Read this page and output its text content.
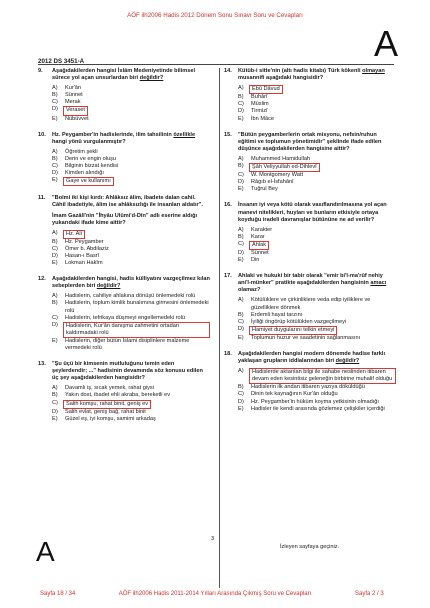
AÖF ilh2006 Hadis 2012 Dönem Sonu Sınavı Soru ve Cevapları
A
2012 DS 3451-A
9.	Aşağıdakilerden hangisi İslâm Medeniyetinde bilimsel sürece yol açan unsurlardan biri değildir?
A)	Kur'ân
B)	Sünnet
C)	Merak
D)	Veraset
E)	Nübüvvet
10.	Hz. Peygamber'in hadislerinde, ilim tahsilinin özellikle hangi yönü vurgulanmıştır?
A)	Öğretim şekli
B)	Derin ve engin oluşu
C)	Bilginin bizzat kendisi
D)	Kimden alındığı
E)	Gaye ve kullanımı
11.	"Bolmi iki kişi kırdı: Ahlâksız âlim, ibadete dalan cahil. Câhil ibadetiyle, âlim ise ahlâksızlığı ile insanları aldatır".
İmam Gazâlî'nin "İhyâu Ulûmi'd-Dîn" adlı eserine aldığı yukarıdaki ifade kime aittir?
A)	Hz. Ali
B)	Hz. Peygamber
C)	Ömer b. Abdilaziz
D)	Hasan-ı Basrî
E)	Lokman Hakîm
12.	Aşağıdakilerden hangisi, hadis külliyatını vazgeçilmez kılan sebeplerden biri değildir?
A)	Hadislerin, cahiliye ahlakına dönüşü önlemedeki rolü
B)	Hadislerin, toplum kimlik bunalımına girmesini önlemedeki rolü
C)	Hadislerin, tefrikaya düşmeyi engellemedeki rolü
D)	Hadislerin, Kur'ân danışma zahmetini ortadan kaldırmadaki rolü
E)	Hadislerin, diğer bütün İslami disiplinlere malzeme vermedeki rolü
13.	"Şu üçü bir kimsenin mutluluğunu temin eden şeylerdendir; ..." hadisinin devamında söz konusu edilen üç şey aşağıdakilerden hangisidir?
A)	Davamlı iş, sıcak yemek, rahat giysi
B)	Yakın dost, ibadet ehli akraba, bereketli ev
C)	Salih komşu, rahat binit, geniş ev
D)	Salih evlat, geniş bağ, rahat binit
E)	Güzel eş, iyi komşu, samimi arkadaş
14.	Kütüb-i sitte'nin (altı hadis kitabı) Türk kökenli olmayan musannifi aşağıdaki hangisidir?
A)	Ebû Dâvud
B)	Buhârî
C)	Müslim
D)	Tirmizî
E)	İbn Mâce
15.	"Bütün peygamberlerin ortak misyonu, nefsin/ruhun eğitimi ve toplumun yönetimidir" şeklinde ifade edilen düşünce aşağıdakilerden hangisine aittir?
A)	Muhammed Hamidullah
B)	Şâh Veliyyullah ed-Dihlevî
C)	W. Montgomery Watt
D)	Râgıb el-İsfahânî
E)	Tuğrul Bey
16.	İnsanın iyi veya kötü olarak vasıflandırılmasına yol açan manevi nitelikleri, huyları ve bunların etkisiyle ortaya koyduğu iradeli davranışlar bütününe ne ad verilir?
A)	Karakter
B)	Karar
C)	Ahlak
D)	Sünnet
E)	Din
17.	Ahlaki ve hukuki bir tabir olarak "emir bi'l-ma'rûf nehiy ani'l-münker" pratikte aşağıdakilerden hangisinin amacı olamaz?
A)	Kötülüklere ve çirkinliklere veda edip iyiliklere ve güzelliklere dönmek
B)	Erdemli hayat tarzını
C)	İyiliği öngörüp kötülükten vazgeçilmeyi
D)	Hamiyet duygularını telkin etmeyi
E)	Toplumun huzur ve saadetinin sağlanmasını
18.	Aşağıdakilerden hangisi modern dönemde hadise farklı yaklaşan grupların iddialarından biri değildir?
A)	Hadislerde aktarılan bilgi ile sahabe neslinden itibaren devam eden kesintisiz geleneğin birbirine muhalif olduğu
B)	Hadislerin ilk andan itibaren yazıya döküldüğü
C)	Dinin tek kaynağının Kur'ân olduğu
D)	Hz. Peygamber'in hüküm koyma yetkisinin olmadığı
E)	Hadisler ile kendi arasında gözlemez çelişkiler içerdiği
3
İzleyen sayfaya geçiniz.
A
Sayfa 18 / 34	AÖF ilh2006 Hadis 2011-2014 Yılları Arasında Çıkmış Soru ve Cevapları	Sayfa 2 / 3
